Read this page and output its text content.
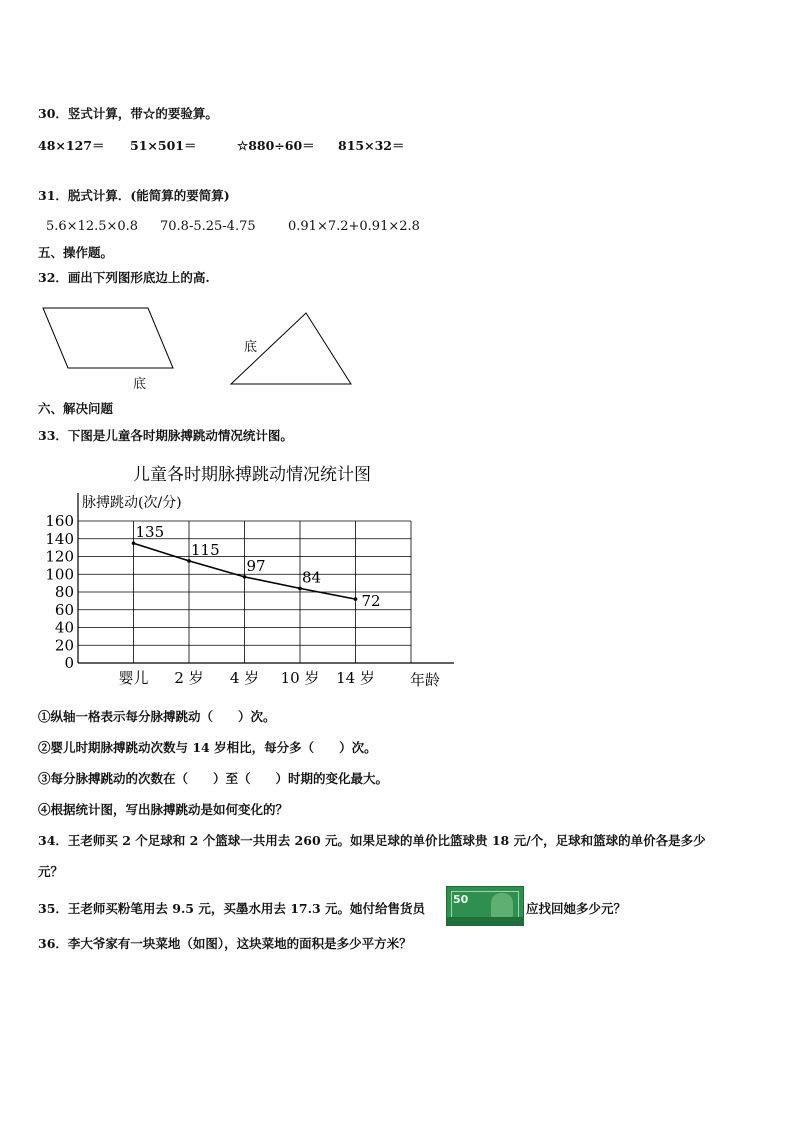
30．竖式计算，带☆的要验算。
48×127＝ 51×501＝	☆880÷60＝ 815×32＝
31．脱式计算．(能简算的要简算)
5.6×12.5×0.8 70.8-5.25-4.75 0.91×7.2+0.91×2.8
五、操作题。
32．画出下列图形底边上的高.
底
底
六、解决问题
33．下图是儿童各时期脉搏跳动情况统计图。
儿童各时期脉搏跳动情况统计图
脉搏跳动(次/分)
0
20
40
60
80
100
120
140
160
婴儿 2 岁 4 岁 10 岁 14 岁
135
115
97
84
72
年龄
①纵轴一格表示每分脉搏跳动（　　）次。
②婴儿时期脉搏跳动次数与 14 岁相比，每分多（　　）次。
③每分脉搏跳动的次数在（　　）至（　　）时期的变化最大。
④根据统计图，写出脉搏跳动是如何变化的？
34．王老师买 2 个足球和 2 个篮球一共用去 260 元。如果足球的单价比篮球贵 18 元/个，足球和篮球的单价各是多少
元？
35．王老师买粉笔用去 9.5 元，买墨水用去 17.3 元。她付给售货员
50
应找回她多少元？
36．李大爷家有一块菜地（如图），这块菜地的面积是多少平方米？
